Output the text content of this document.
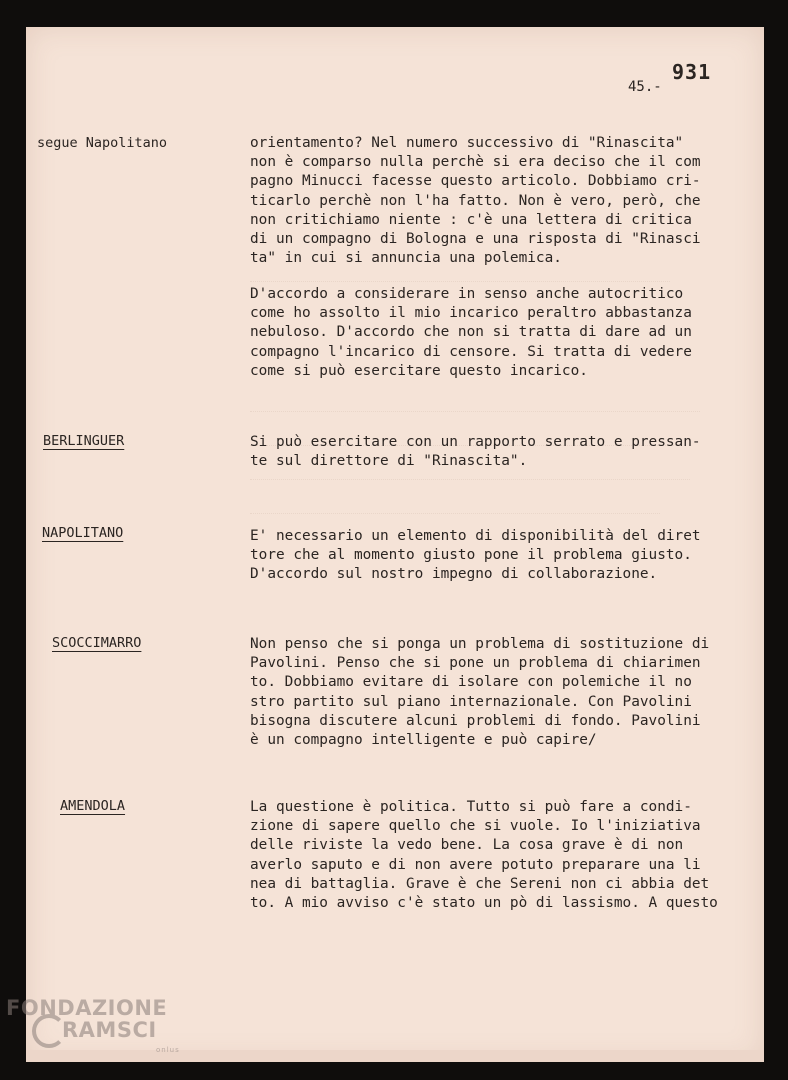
931
45.-
segue Napolitano
BERLINGUER
NAPOLITANO
SCOCCIMARRO
AMENDOLA
orientamento? Nel numero successivo di "Rinascita"
non è comparso nulla perchè si era deciso che il com
pagno Minucci facesse questo articolo. Dobbiamo cri-
ticarlo perchè non l'ha fatto. Non è vero, però, che
non critichiamo niente : c'è una lettera di critica
di un compagno di Bologna e una risposta di "Rinasci
ta" in cui si annuncia una polemica.
D'accordo a considerare in senso anche autocritico
come ho assolto il mio incarico peraltro abbastanza
nebuloso. D'accordo che non si tratta di dare ad un
compagno l'incarico di censore. Si tratta di vedere
come si può esercitare questo incarico.
Si può esercitare con un rapporto serrato e pressan-
te sul direttore di "Rinascita".
E' necessario un elemento di disponibilità del diret
tore che al momento giusto pone il problema giusto.
D'accordo sul nostro impegno di collaborazione.
Non penso che si ponga un problema di sostituzione di
Pavolini. Penso che si pone un problema di chiarimen
to. Dobbiamo evitare di isolare con polemiche il no
stro partito sul piano internazionale. Con Pavolini
bisogna discutere alcuni problemi di fondo. Pavolini
è un compagno intelligente e può capire/
La questione è politica. Tutto si può fare a condi-
zione di sapere quello che si vuole. Io l'iniziativa
delle riviste la vedo bene. La cosa grave è di non
averlo saputo e di non avere potuto preparare una li
nea di battaglia. Grave è che Sereni non ci abbia det
to. A mio avviso c'è stato un pò di lassismo. A questo
FONDAZIONE
RAMSCI
onlus
